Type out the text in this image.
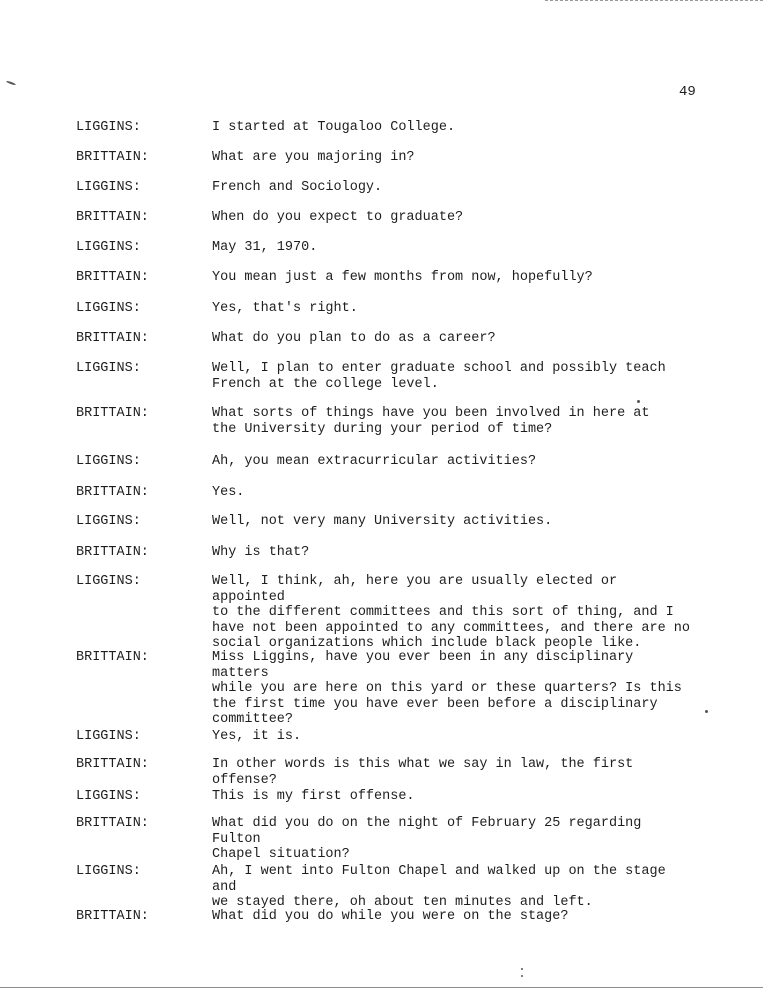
49
LIGGINS:	I started at Tougaloo College.
BRITTAIN:	What are you majoring in?
LIGGINS:	French and Sociology.
BRITTAIN:	When do you expect to graduate?
LIGGINS:	May 31, 1970.
BRITTAIN:	You mean just a few months from now, hopefully?
LIGGINS:	Yes, that's right.
BRITTAIN:	What do you plan to do as a career?
LIGGINS:	Well, I plan to enter graduate school and possibly teach
French at the college level.
BRITTAIN:	What sorts of things have you been involved in here at
the University during your period of time?
LIGGINS:	Ah, you mean extracurricular activities?
BRITTAIN:	Yes.
LIGGINS:	Well, not very many University activities.
BRITTAIN:	Why is that?
LIGGINS:	Well, I think, ah, here you are usually elected or appointed
to the different committees and this sort of thing, and I
have not been appointed to any committees, and there are no
social organizations which include black people like.
BRITTAIN:	Miss Liggins, have you ever been in any disciplinary matters
while you are here on this yard or these quarters? Is this
the first time you have ever been before a disciplinary
committee?
LIGGINS:	Yes, it is.
BRITTAIN:	In other words is this what we say in law, the first offense?
LIGGINS:	This is my first offense.
BRITTAIN:	What did you do on the night of February 25 regarding Fulton
Chapel situation?
LIGGINS:	Ah, I went into Fulton Chapel and walked up on the stage and
we stayed there, oh about ten minutes and left.
BRITTAIN:	What did you do while you were on the stage?
